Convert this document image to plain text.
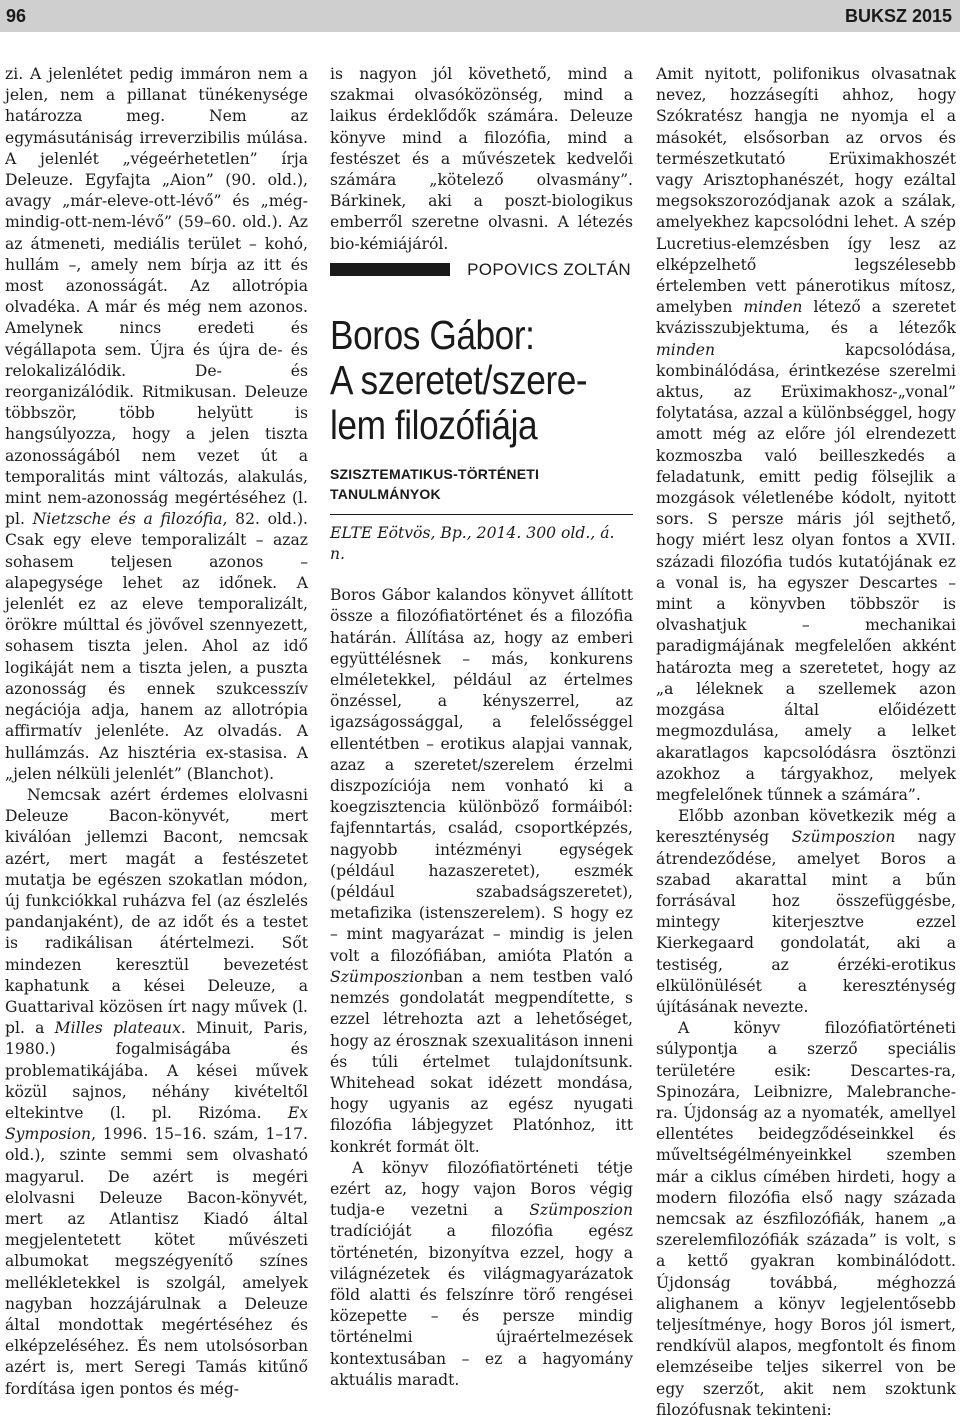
96	BUKSZ 2015

zi. A jelenlétet pedig immáron nem a jelen, nem a pillanat tünékenysége határozza meg. Nem az egymásutániság irreverzibilis múlása. A jelenlét „végeérhetetlen” írja Deleuze. Egyfajta „Aion” (90. old.), avagy „már-eleve-ott-lévő” és „még-mindig-ott-nem-lévő” (59–60. old.). Az az átmeneti, mediális terület – kohó, hullám –, amely nem bírja az itt és most azonosságát. Az allotrópia olvadéka. A már és még nem azonos. Amelynek nincs eredeti és végállapota sem. Újra és újra de- és relokalizálódik. De- és reorganizálódik. Ritmikusan. Deleuze többször, több helyütt is hangsúlyozza, hogy a jelen tiszta azonosságából nem vezet út a temporalitás mint változás, alakulás, mint nem-azonosság megértéséhez (l. pl. Nietzsche és a filozófia, 82. old.). Csak egy eleve temporalizált – azaz sohasem teljesen azonos – alapegysége lehet az időnek. A jelenlét ez az eleve temporalizált, örökre múlttal és jövővel szennyezett, sohasem tiszta jelen. Ahol az idő logikáját nem a tiszta jelen, a puszta azonosság és ennek szukcesszív negációja adja, hanem az allotrópia affirmatív jelenléte. Az olvadás. A hullámzás. Az hisztéria ex-stasisa. A „jelen nélküli jelenlét” (Blanchot).

Nemcsak azért érdemes elolvasni Deleuze Bacon-könyvét, mert kiválóan jellemzi Bacont, nemcsak azért, mert magát a festészetet mutatja be egészen szokatlan módon, új funkciókkal ruházva fel (az észlelés pandanjaként), de az időt és a testet is radikálisan átértelmezi. Sőt mindezen keresztül bevezetést kaphatunk a kései Deleuze, a Guattarival közösen írt nagy művek (l. pl. a Milles plateaux. Minuit, Paris, 1980.) fogalmiságába és problematikájába. A kései művek közül sajnos, néhány kivételtől eltekintve (l. pl. Rizóma. Ex Symposion, 1996. 15–16. szám, 1–17. old.), szinte semmi sem olvasható magyarul. De azért is megéri elolvasni Deleuze Bacon-könyvét, mert az Atlantisz Kiadó által megjelentetett kötet művészeti albumokat megszégyenítő színes mellékletekkel is szolgál, amelyek nagyban hozzájárulnak a Deleuze által mondottak megértéséhez és elképzeléséhez. És nem utolsósorban azért is, mert Seregi Tamás kitűnő fordítása igen pontos és még-

is nagyon jól követhető, mind a szakmai olvasóközönség, mind a laikus érdeklődők számára. Deleuze könyve mind a filozófia, mind a festészet és a művészetek kedvelői számára „kötelező olvasmány”. Bárkinek, aki a poszt-biologikus emberről szeretne olvasni. A létezés bio-kémiájáról.

POPOVICS ZOLTÁN
Boros Gábor:
A szeretet/szere-
lem filozófiája
SZISZTEMATIKUS-TÖRTÉNETI TANULMÁNYOK

ELTE Eötvös, Bp., 2014. 300 old., á. n.

Boros Gábor kalandos könyvet állított össze a filozófiatörténet és a filozófia határán. Állítása az, hogy az emberi együttélésnek – más, konkurens elméletekkel, például az értelmes önzéssel, a kényszerrel, az igazságossággal, a felelősséggel ellentétben – erotikus alapjai vannak, azaz a szeretet/szerelem érzelmi diszpozíciója nem vonható ki a koegzisztencia különböző formáiból: fajfenntartás, család, csoportképzés, nagyobb intézményi egységek (például hazaszeretet), eszmék (például szabadságszeretet), metafizika (istenszerelem). S hogy ez – mint magyarázat – mindig is jelen volt a filozófiában, amióta Platón a Szümposzionban a nem testben való nemzés gondolatát megpendítette, s ezzel létrehozta azt a lehetőséget, hogy az érosznak szexualitáson inneni és túli értelmet tulajdonítsunk. Whitehead sokat idézett mondása, hogy ugyanis az egész nyugati filozófia lábjegyzet Platónhoz, itt konkrét formát ölt.

A könyv filozófiatörténeti tétje ezért az, hogy vajon Boros végig tudja-e vezetni a Szümposzion tradícióját a filozófia egész történetén, bizonyítva ezzel, hogy a világnézetek és világmagyarázatok föld alatti és felszínre törő rengései közepette – és persze mindig történelmi újraértelmezések kontextusában – ez a hagyomány aktuális maradt.

Amit nyitott, polifonikus olvasatnak nevez, hozzásegíti ahhoz, hogy Szókratész hangja ne nyomja el a másokét, elsősorban az orvos és természetkutató Erüximakhoszét vagy Arisztophanészét, hogy ezáltal megsokszorozódjanak azok a szálak, amelyekhez kapcsolódni lehet. A szép Lucretius-elemzésben így lesz az elképzelhető legszélesebb értelemben vett pánerotikus mítosz, amelyben minden létező a szeretet kvázisszubjektuma, és a létezők minden kapcsolódása, kombinálódása, érintkezése szerelmi aktus, az Erüximakhosz-„vonal” folytatása, azzal a különbséggel, hogy amott még az előre jól elrendezett kozmoszba való beilleszkedés a feladatunk, emitt pedig fölsejlik a mozgások véletlenébe kódolt, nyitott sors. S persze máris jól sejthető, hogy miért lesz olyan fontos a XVII. századi filozófia tudós kutatójának ez a vonal is, ha egyszer Descartes – mint a könyvben többször is olvashatjuk – mechanikai paradigmájának megfelelően akként határozta meg a szeretetet, hogy az „a léleknek a szellemek azon mozgása által előidézett megmozdulása, amely a lelket akaratlagos kapcsolódásra ösztönzi azokhoz a tárgyakhoz, melyek megfelelőnek tűnnek a számára”.

Előbb azonban következik még a kereszténység Szümposzion nagy átrendeződése, amelyet Boros a szabad akarattal mint a bűn forrásával hoz összefüggésbe, mintegy kiterjesztve ezzel Kierkegaard gondolatát, aki a testiség, az érzéki-erotikus elkülönülését a kereszténység újításának nevezte.

A könyv filozófiatörténeti súlypontja a szerző speciális területére esik: Descartes-ra, Spinozára, Leibnizre, Malebranche-ra. Újdonság az a nyomaték, amellyel ellentétes beidegződéseinkkel és műveltségélményeinkkel szemben már a ciklus címében hirdeti, hogy a modern filozófia első nagy százada nemcsak az észfilozófiák, hanem „a szerelemfilozófiák százada” is volt, s a kettő gyakran kombinálódott. Újdonság továbbá, méghozzá alighanem a könyv legjelentősebb teljesítménye, hogy Boros jól ismert, rendkívül alapos, megfontolt és finom elemzéseibe teljes sikerrel von be egy szerzőt, akit nem szoktunk filozófusnak tekinteni:
